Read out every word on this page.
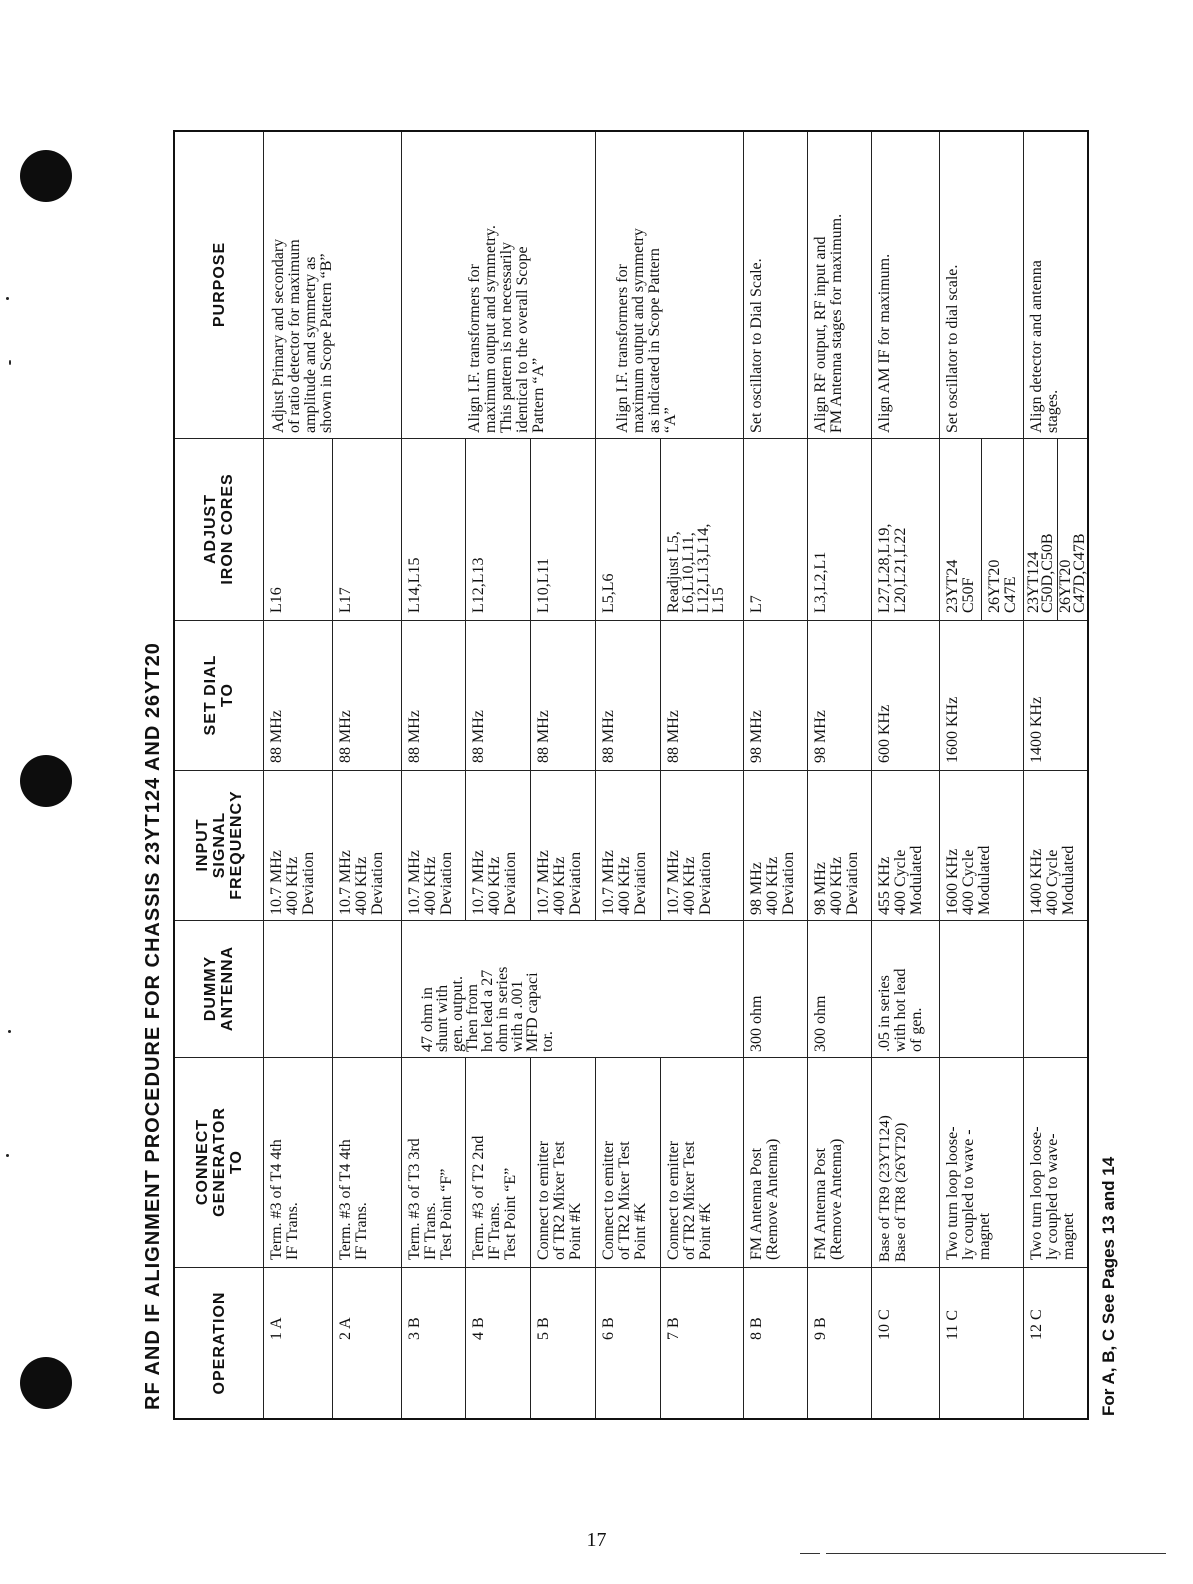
RF AND IF ALIGNMENT PROCEDURE FOR CHASSIS 23YT124 AND 26YT20	OPERATION
CONNECT
GENERATOR
TO
DUMMY
ANTENNA
INPUT
SIGNAL
FREQUENCY
SET DIAL
TO
ADJUST
IRON CORES
PURPOSE
1 A
Term. #3 of T4 4th
IF Trans.
10.7 MHz
400 KHz
Deviation
88 MHz
L16
Adjust Primary and secondary
of ratio detector for maximum
amplitude and symmetry as
shown in Scope Pattern “B”
2 A
Term. #3 of T4 4th
IF Trans.
10.7 MHz
400 KHz
Deviation
88 MHz
L17
3 B
Term. #3 of T3 3rd
IF Trans.
Test Point “F”
47 ohm in
shunt with
gen. output.
Then from
hot lead a 27
ohm in series
with a .001
MFD capaci
tor.
10.7 MHz
400 KHz
Deviation
88 MHz
L14,L15
Align I.F. transformers for
maximum output and symmetry.
This pattern is not necessarily
identical to the overall Scope
Pattern “A”
4 B
Term. #3 of T2 2nd
IF Trans.
Test Point “E”
10.7 MHz
400 KHz
Deviation
88 MHz
L12,L13
5 B
Connect to emitter
of TR2 Mixer Test
Point #K
10.7 MHz
400 KHz
Deviation
88 MHz
L10,L11
6 B
Connect to emitter
of TR2 Mixer Test
Point #K
10.7 MHz
400 KHz
Deviation
88 MHz
L5,L6
Align I.F. transformers for
maximum output and symmetry
as indicated in Scope Pattern
“A”
7 B
Connect to emitter
of TR2 Mixer Test
Point #K
10.7 MHz
400 KHz
Deviation
88 MHz
Readjust L5,
L6,L10,L11,
L12,L13,L14,
L15
8 B
FM Antenna Post
(Remove Antenna)
300 ohm
98 MHz
400 KHz
Deviation
98 MHz
L7
Set oscillator to Dial Scale.
9 B
FM Antenna Post
(Remove Antenna)
300 ohm
98 MHz
400 KHz
Deviation
98 MHz
L3,L2,L1
Align RF output, RF input and
FM Antenna stages for maximum.
10 C
Base of TR9 (23YT124)
Base of TR8 (26YT20)
.05 in series
with hot lead
of gen.
455 KHz
400 Cycle
Modulated
600 KHz
L27,L28,L19,
L20,L21,L22
Align AM IF for maximum.
11 C
Two turn loop loose-
ly coupled to wave -
magnet
1600 KHz
400 Cycle
Modulated
1600 KHz
23YT24
C50F 26YT20
C47E
Set oscillator to dial scale.
12 C
Two turn loop loose-
ly coupled to wave-
magnet
1400 KHz
400 Cycle
Modulated
1400 KHz
23YT124
C50D,C50B 26YT20
C47D,C47B
Align detector and antenna
stages.
For A, B, C See Pages 13 and 14
17
